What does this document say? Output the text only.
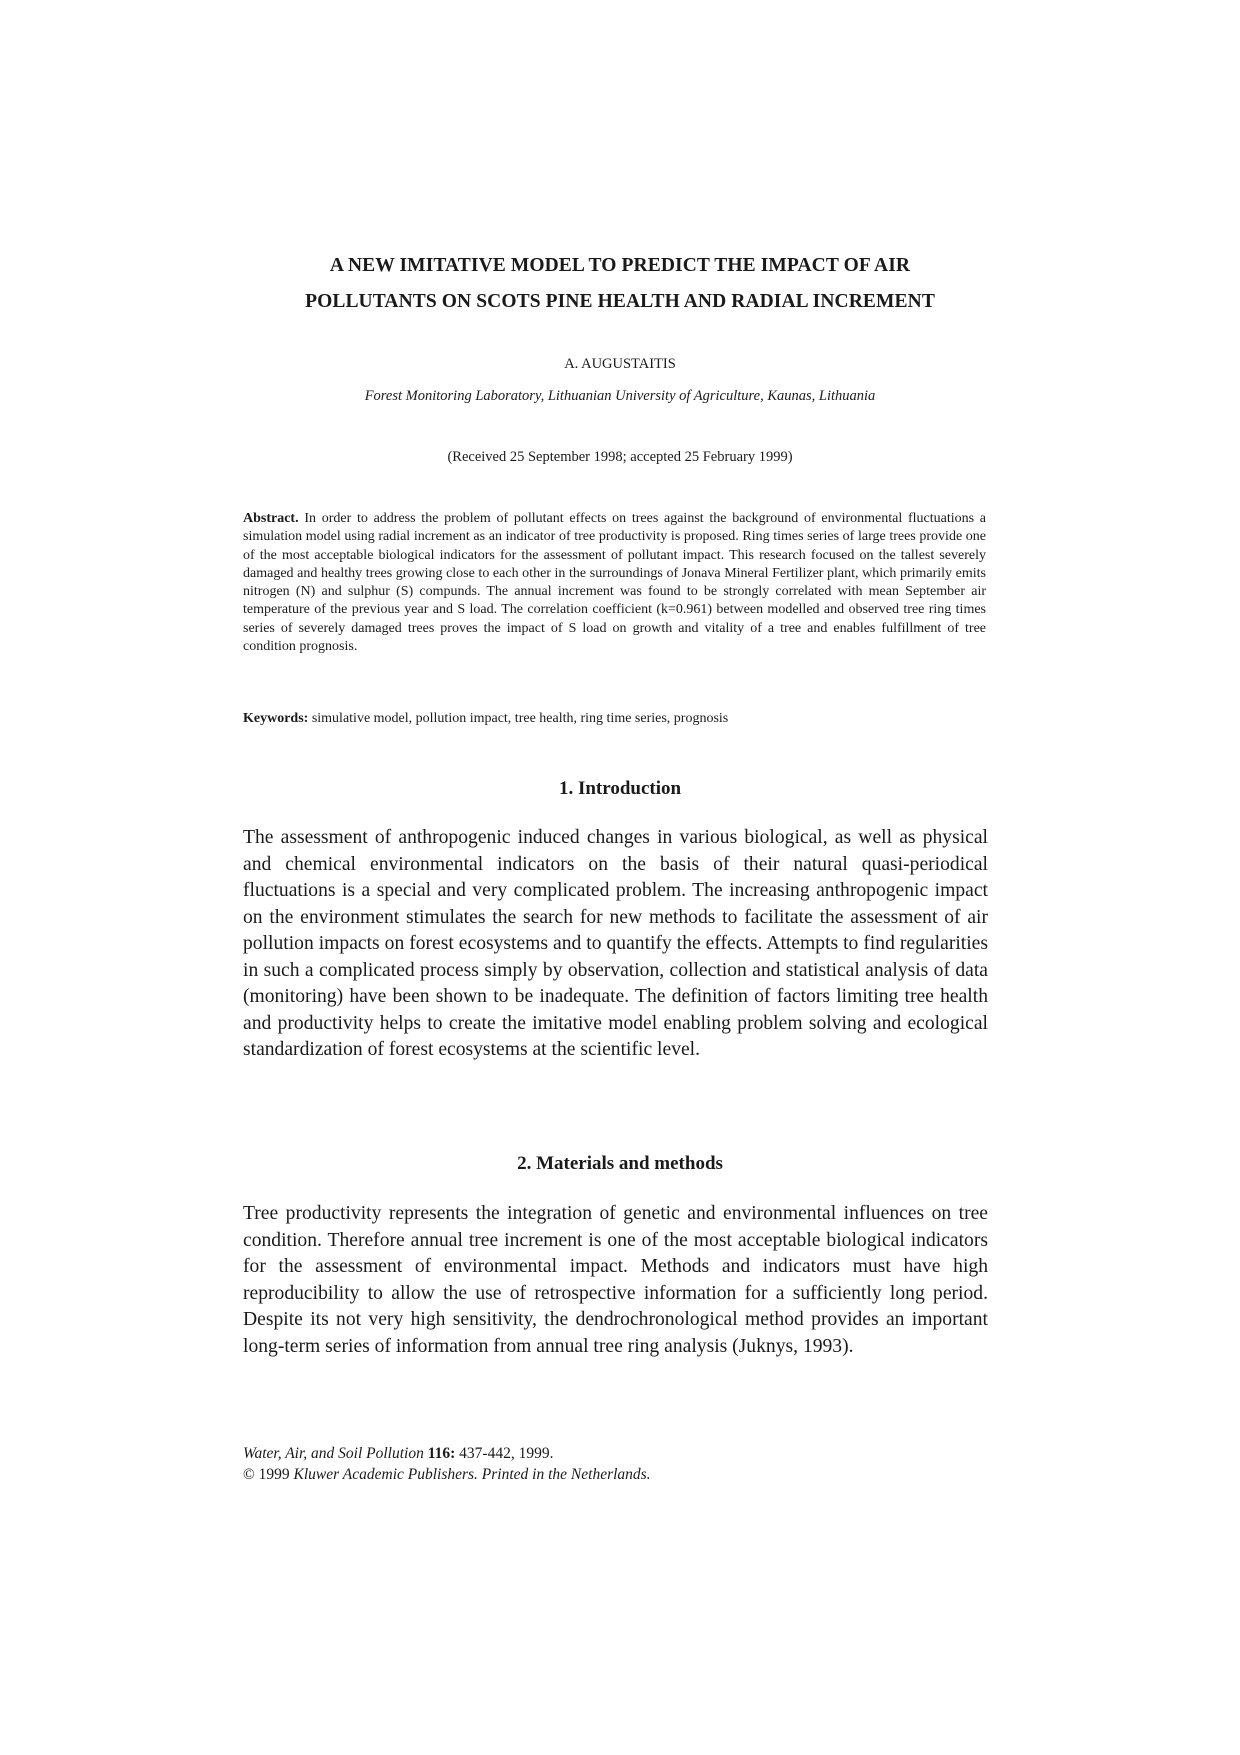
A NEW IMITATIVE MODEL TO PREDICT THE IMPACT OF AIR
POLLUTANTS ON SCOTS PINE HEALTH AND RADIAL INCREMENT
A. AUGUSTAITIS
Forest Monitoring Laboratory, Lithuanian University of Agriculture, Kaunas, Lithuania
(Received 25 September 1998; accepted 25 February 1999)
Abstract. In order to address the problem of pollutant effects on trees against the background of environmental fluctuations a simulation model using radial increment as an indicator of tree productivity is proposed. Ring times series of large trees provide one of the most acceptable biological indicators for the assessment of pollutant impact. This research focused on the tallest severely damaged and healthy trees growing close to each other in the surroundings of Jonava Mineral Fertilizer plant, which primarily emits nitrogen (N) and sulphur (S) compunds. The annual increment was found to be strongly correlated with mean September air temperature of the previous year and S load. The correlation coefficient (k=0.961) between modelled and observed tree ring times series of severely damaged trees proves the impact of S load on growth and vitality of a tree and enables fulfillment of tree condition prognosis.
Keywords: simulative model, pollution impact, tree health, ring time series, prognosis
1. Introduction
The assessment of anthropogenic induced changes in various biological, as well as physical and chemical environmental indicators on the basis of their natural quasi-periodical fluctuations is a special and very complicated problem. The increasing anthropogenic impact on the environment stimulates the search for new methods to facilitate the assessment of air pollution impacts on forest ecosystems and to quantify the effects. Attempts to find regularities in such a complicated process simply by observation, collection and statistical analysis of data (monitoring) have been shown to be inadequate. The definition of factors limiting tree health and productivity helps to create the imitative model enabling problem solving and ecological standardization of forest ecosystems at the scientific level.
2. Materials and methods
Tree productivity represents the integration of genetic and environmental influences on tree condition. Therefore annual tree increment is one of the most acceptable biological indicators for the assessment of environmental impact. Methods and indicators must have high reproducibility to allow the use of retrospective information for a sufficiently long period. Despite its not very high sensitivity, the dendrochronological method provides an important long-term series of information from annual tree ring analysis (Juknys, 1993).
Water, Air, and Soil Pollution 116: 437-442, 1999.
© 1999 Kluwer Academic Publishers. Printed in the Netherlands.
